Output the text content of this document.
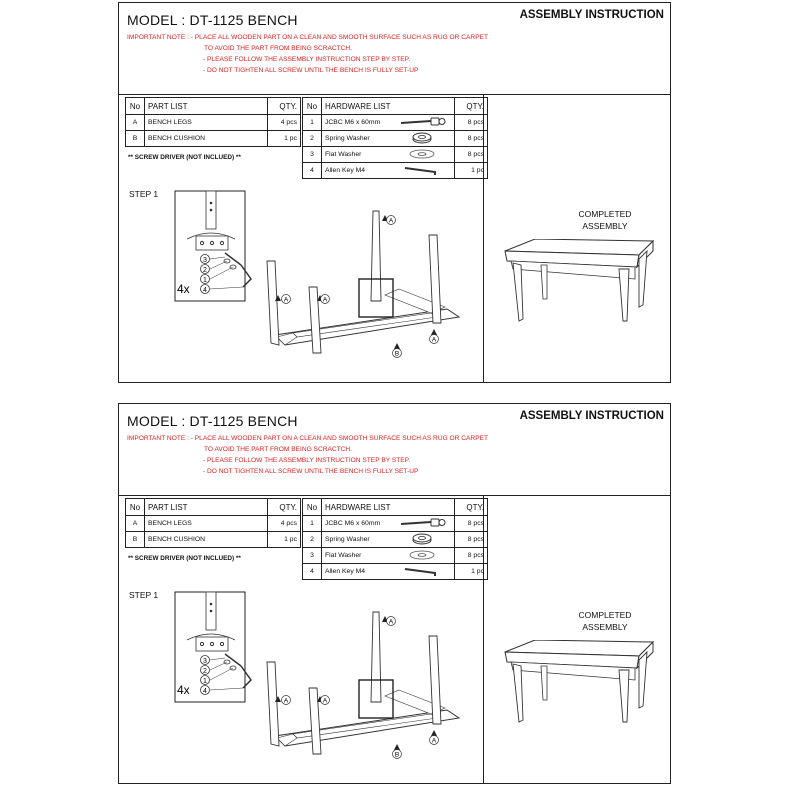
MODEL : DT-1125 BENCH	ASSEMBLY INSTRUCTION
IMPORTANT NOTE : - PLACE ALL WOODEN PART ON A CLEAN AND SMOOTH SURFACE SUCH AS RUG OR CARPET
TO AVOID THE PART FROM BEING SCRACTCH.
- PLEASE FOLLOW THE ASSEMBLY INSTRUCTION STEP BY STEP.
- DO NOT TIGHTEN ALL SCREW UNTIL THE BENCH IS FULLY SET-UP
No	PART LIST	QTY.
A	BENCH LEGS	4 pcs
B	BENCH CUSHION	1 pc
No	HARDWARE LIST		QTY.
1	JCBC M6 x 60mm		8 pcs
2	Spring Washer		8 pcs
3	Flat Washer		8 pcs
4	Allen Key M4		1 pc
** SCREW DRIVER (NOT INCLUED) **
STEP 1
3
2
1
4
4x
A
A	A
A
B
COMPLETED
ASSEMBLY
MODEL : DT-1125 BENCH	ASSEMBLY INSTRUCTION
IMPORTANT NOTE : - PLACE ALL WOODEN PART ON A CLEAN AND SMOOTH SURFACE SUCH AS RUG OR CARPET
TO AVOID THE PART FROM BEING SCRACTCH.
- PLEASE FOLLOW THE ASSEMBLY INSTRUCTION STEP BY STEP.
- DO NOT TIGHTEN ALL SCREW UNTIL THE BENCH IS FULLY SET-UP
No	PART LIST	QTY.
A	BENCH LEGS	4 pcs
B	BENCH CUSHION	1 pc
No	HARDWARE LIST		QTY.
1	JCBC M6 x 60mm		8 pcs
2	Spring Washer		8 pcs
3	Flat Washer		8 pcs
4	Allen Key M4		1 pc
** SCREW DRIVER (NOT INCLUED) **
STEP 1
3
2
1
4
4x
A
A	A
A
B
COMPLETED
ASSEMBLY
